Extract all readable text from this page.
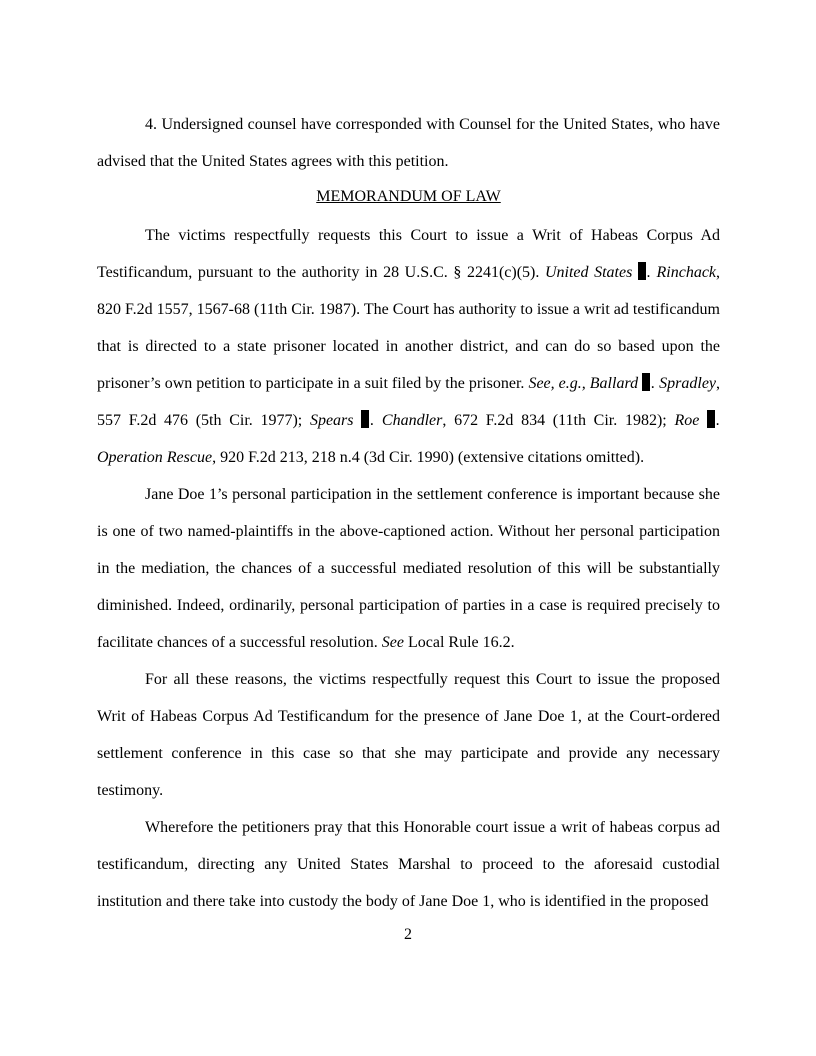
4. Undersigned counsel have corresponded with Counsel for the United States, who have advised that the United States agrees with this petition.

MEMORANDUM OF LAW

The victims respectfully requests this Court to issue a Writ of Habeas Corpus Ad Testificandum, pursuant to the authority in 28 U.S.C. § 2241(c)(5). United States . Rinchack, 820 F.2d 1557, 1567-68 (11th Cir. 1987). The Court has authority to issue a writ ad testificandum that is directed to a state prisoner located in another district, and can do so based upon the prisoner’s own petition to participate in a suit filed by the prisoner. See, e.g., Ballard . Spradley, 557 F.2d 476 (5th Cir. 1977); Spears . Chandler, 672 F.2d 834 (11th Cir. 1982); Roe . Operation Rescue, 920 F.2d 213, 218 n.4 (3d Cir. 1990) (extensive citations omitted).

Jane Doe 1’s personal participation in the settlement conference is important because she is one of two named-plaintiffs in the above-captioned action. Without her personal participation in the mediation, the chances of a successful mediated resolution of this will be substantially diminished. Indeed, ordinarily, personal participation of parties in a case is required precisely to facilitate chances of a successful resolution. See Local Rule 16.2.

For all these reasons, the victims respectfully request this Court to issue the proposed Writ of Habeas Corpus Ad Testificandum for the presence of Jane Doe 1, at the Court-ordered settlement conference in this case so that she may participate and provide any necessary testimony.

Wherefore the petitioners pray that this Honorable court issue a writ of habeas corpus ad testificandum, directing any United States Marshal to proceed to the aforesaid custodial institution and there take into custody the body of Jane Doe 1, who is identified in the proposed

2
